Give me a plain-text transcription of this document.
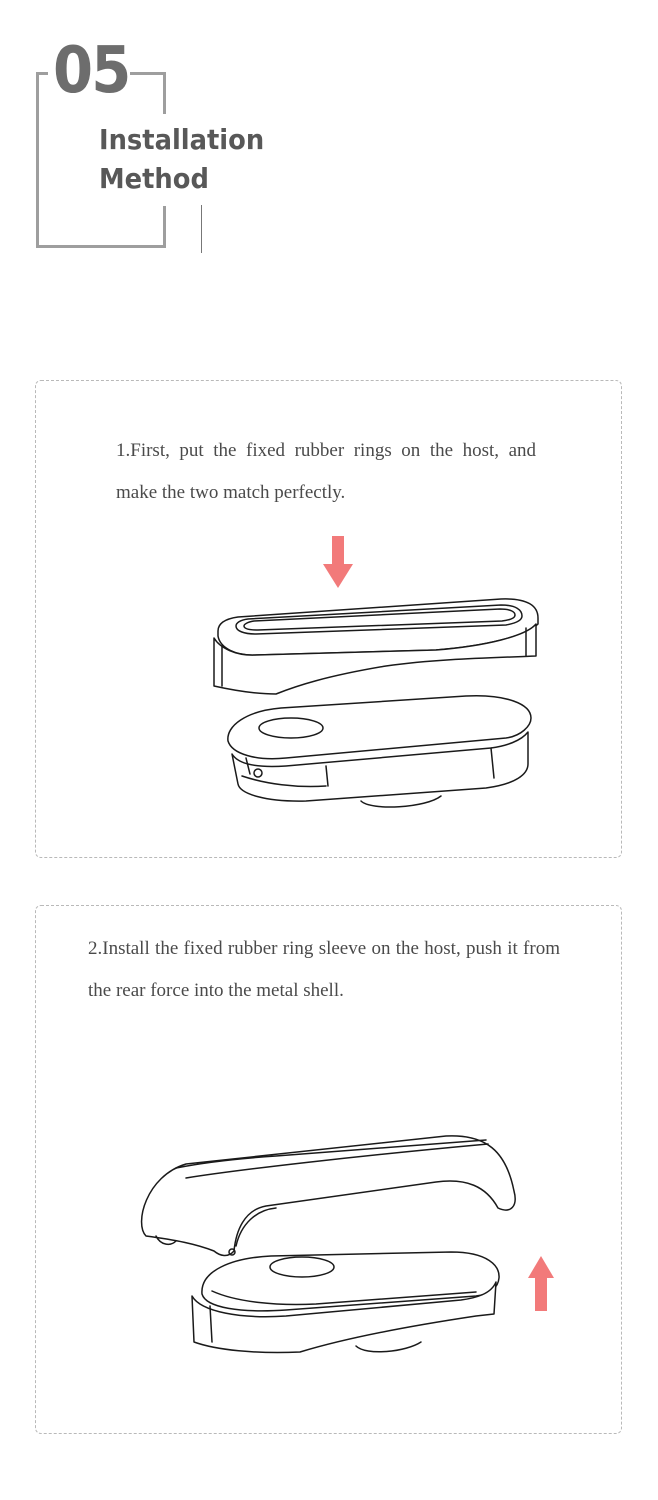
05
Installation
Method

1.First, put the fixed rubber rings on the host, and make the two match perfectly.

2.Install the fixed rubber ring sleeve on the host, push it from the rear force into the metal shell.
